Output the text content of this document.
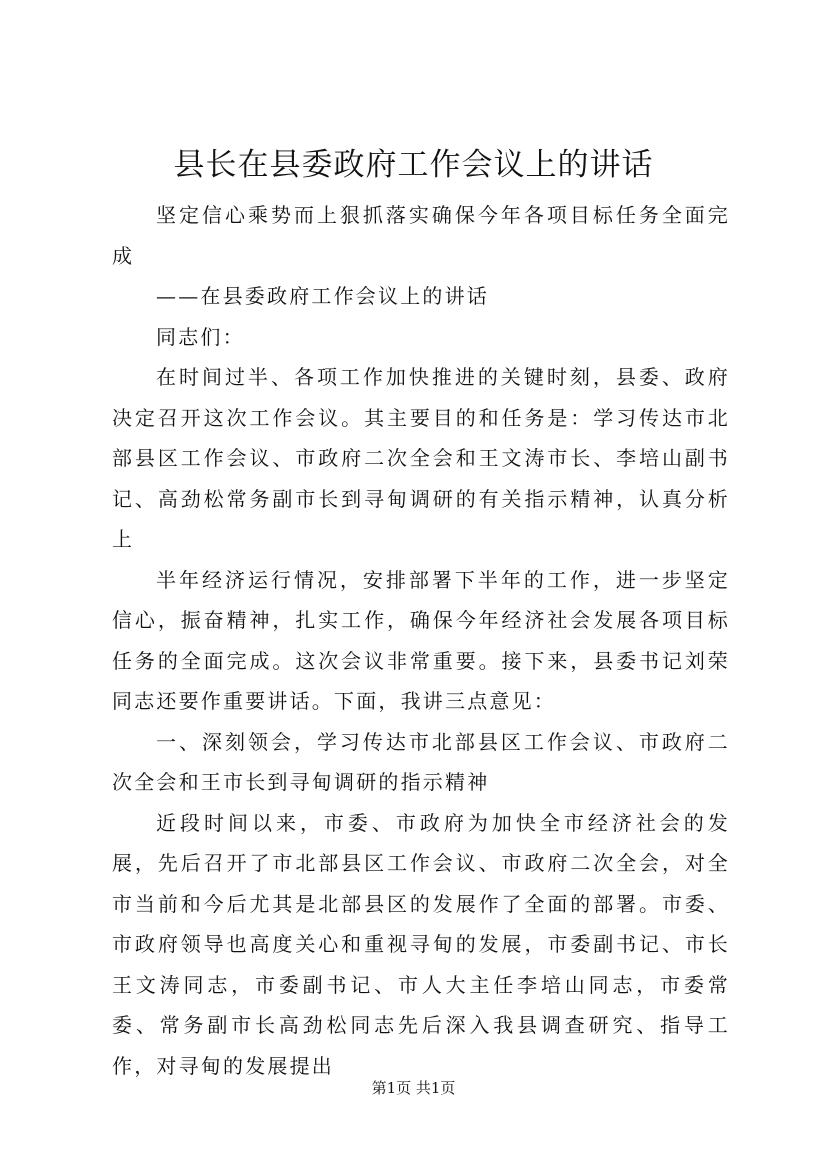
县长在县委政府工作会议上的讲话

坚定信心乘势而上狠抓落实确保今年各项目标任务全面完成

——在县委政府工作会议上的讲话

同志们：

在时间过半、各项工作加快推进的关键时刻，县委、政府决定召开这次工作会议。其主要目的和任务是：学习传达市北部县区工作会议、市政府二次全会和王文涛市长、李培山副书记、高劲松常务副市长到寻甸调研的有关指示精神，认真分析上

半年经济运行情况，安排部署下半年的工作，进一步坚定信心，振奋精神，扎实工作，确保今年经济社会发展各项目标任务的全面完成。这次会议非常重要。接下来，县委书记刘荣同志还要作重要讲话。下面，我讲三点意见：

一、深刻领会，学习传达市北部县区工作会议、市政府二次全会和王市长到寻甸调研的指示精神

近段时间以来，市委、市政府为加快全市经济社会的发展，先后召开了市北部县区工作会议、市政府二次全会，对全市当前和今后尤其是北部县区的发展作了全面的部署。市委、市政府领导也高度关心和重视寻甸的发展，市委副书记、市长王文涛同志，市委副书记、市人大主任李培山同志，市委常委、常务副市长高劲松同志先后深入我县调查研究、指导工作，对寻甸的发展提出

第1页 共1页
